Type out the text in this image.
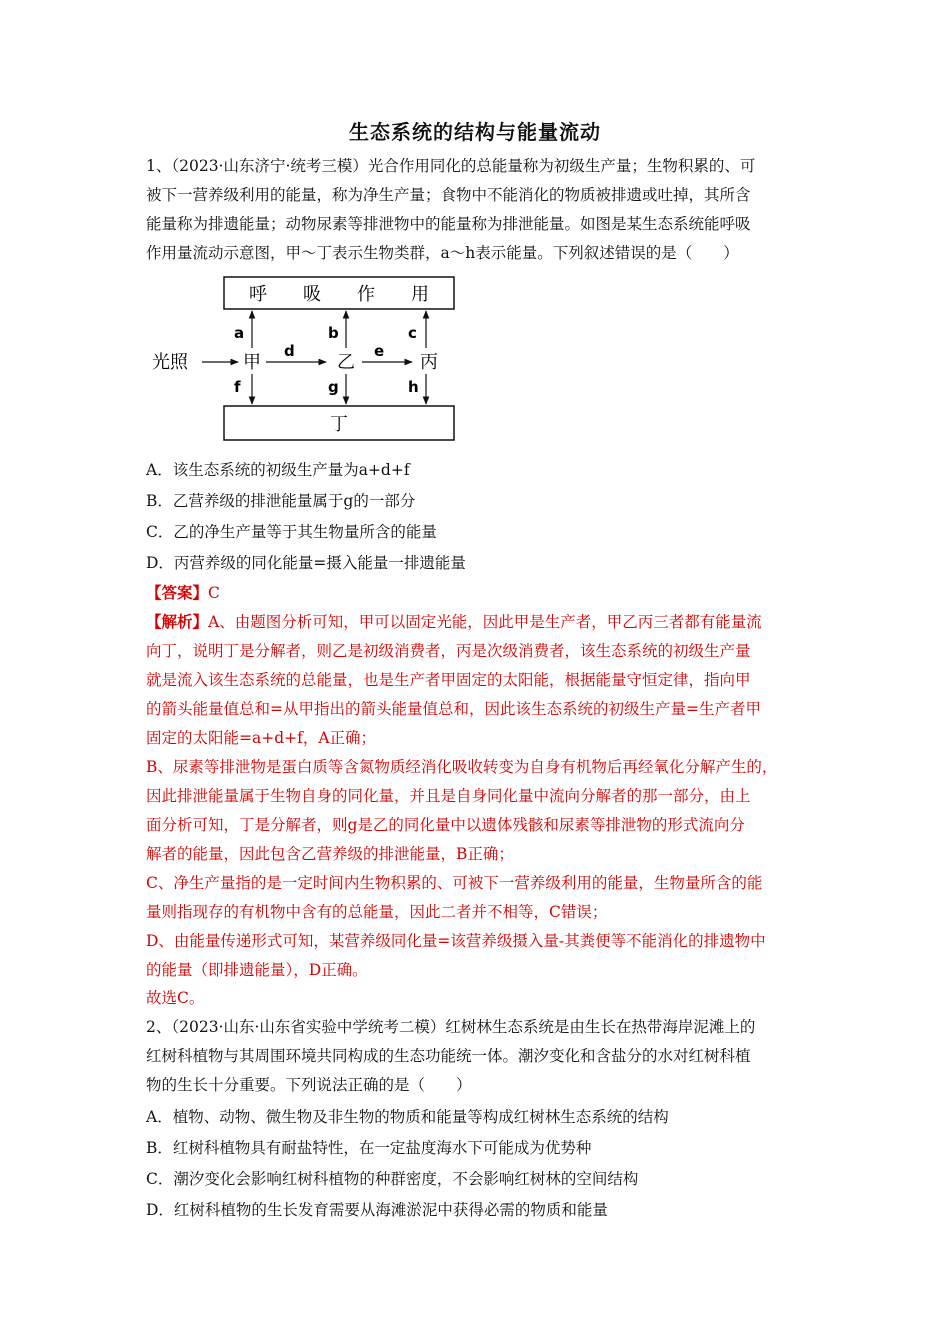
生态系统的结构与能量流动
1、（2023·山东济宁·统考三模）光合作用同化的总能量称为初级生产量；生物积累的、可
被下一营养级利用的能量，称为净生产量；食物中不能消化的物质被排遗或吐掉，其所含
能量称为排遗能量；动物尿素等排泄物中的能量称为排泄能量。如图是某生态系统能呼吸
作用量流动示意图，甲～丁表示生物类群，a～h表示能量。下列叙述错误的是（　　）
呼　　吸　　作　　用
丁
光照	甲	乙	丙
d	e
a	b	c
f	g	h
A．该生态系统的初级生产量为a+d+f
B．乙营养级的排泄能量属于g的一部分
C．乙的净生产量等于其生物量所含的能量
D．丙营养级的同化能量=摄入能量一排遗能量
【答案】C
【解析】A、由题图分析可知，甲可以固定光能，因此甲是生产者，甲乙丙三者都有能量流
向丁，说明丁是分解者，则乙是初级消费者，丙是次级消费者，该生态系统的初级生产量
就是流入该生态系统的总能量，也是生产者甲固定的太阳能，根据能量守恒定律，指向甲
的箭头能量值总和=从甲指出的箭头能量值总和，因此该生态系统的初级生产量=生产者甲
固定的太阳能=a+d+f，A正确；
B、尿素等排泄物是蛋白质等含氮物质经消化吸收转变为自身有机物后再经氧化分解产生的，
因此排泄能量属于生物自身的同化量，并且是自身同化量中流向分解者的那一部分，由上
面分析可知，丁是分解者，则g是乙的同化量中以遗体残骸和尿素等排泄物的形式流向分
解者的能量，因此包含乙营养级的排泄能量，B正确；
C、净生产量指的是一定时间内生物积累的、可被下一营养级利用的能量，生物量所含的能
量则指现存的有机物中含有的总能量，因此二者并不相等，C错误；
D、由能量传递形式可知，某营养级同化量=该营养级摄入量-其粪便等不能消化的排遗物中
的能量（即排遗能量），D正确。
故选C。
2、（2023·山东·山东省实验中学统考二模）红树林生态系统是由生长在热带海岸泥滩上的
红树科植物与其周围环境共同构成的生态功能统一体。潮汐变化和含盐分的水对红树科植
物的生长十分重要。下列说法正确的是（　　）
A．植物、动物、微生物及非生物的物质和能量等构成红树林生态系统的结构
B．红树科植物具有耐盐特性，在一定盐度海水下可能成为优势种
C．潮汐变化会影响红树科植物的种群密度，不会影响红树林的空间结构
D．红树科植物的生长发育需要从海滩淤泥中获得必需的物质和能量
